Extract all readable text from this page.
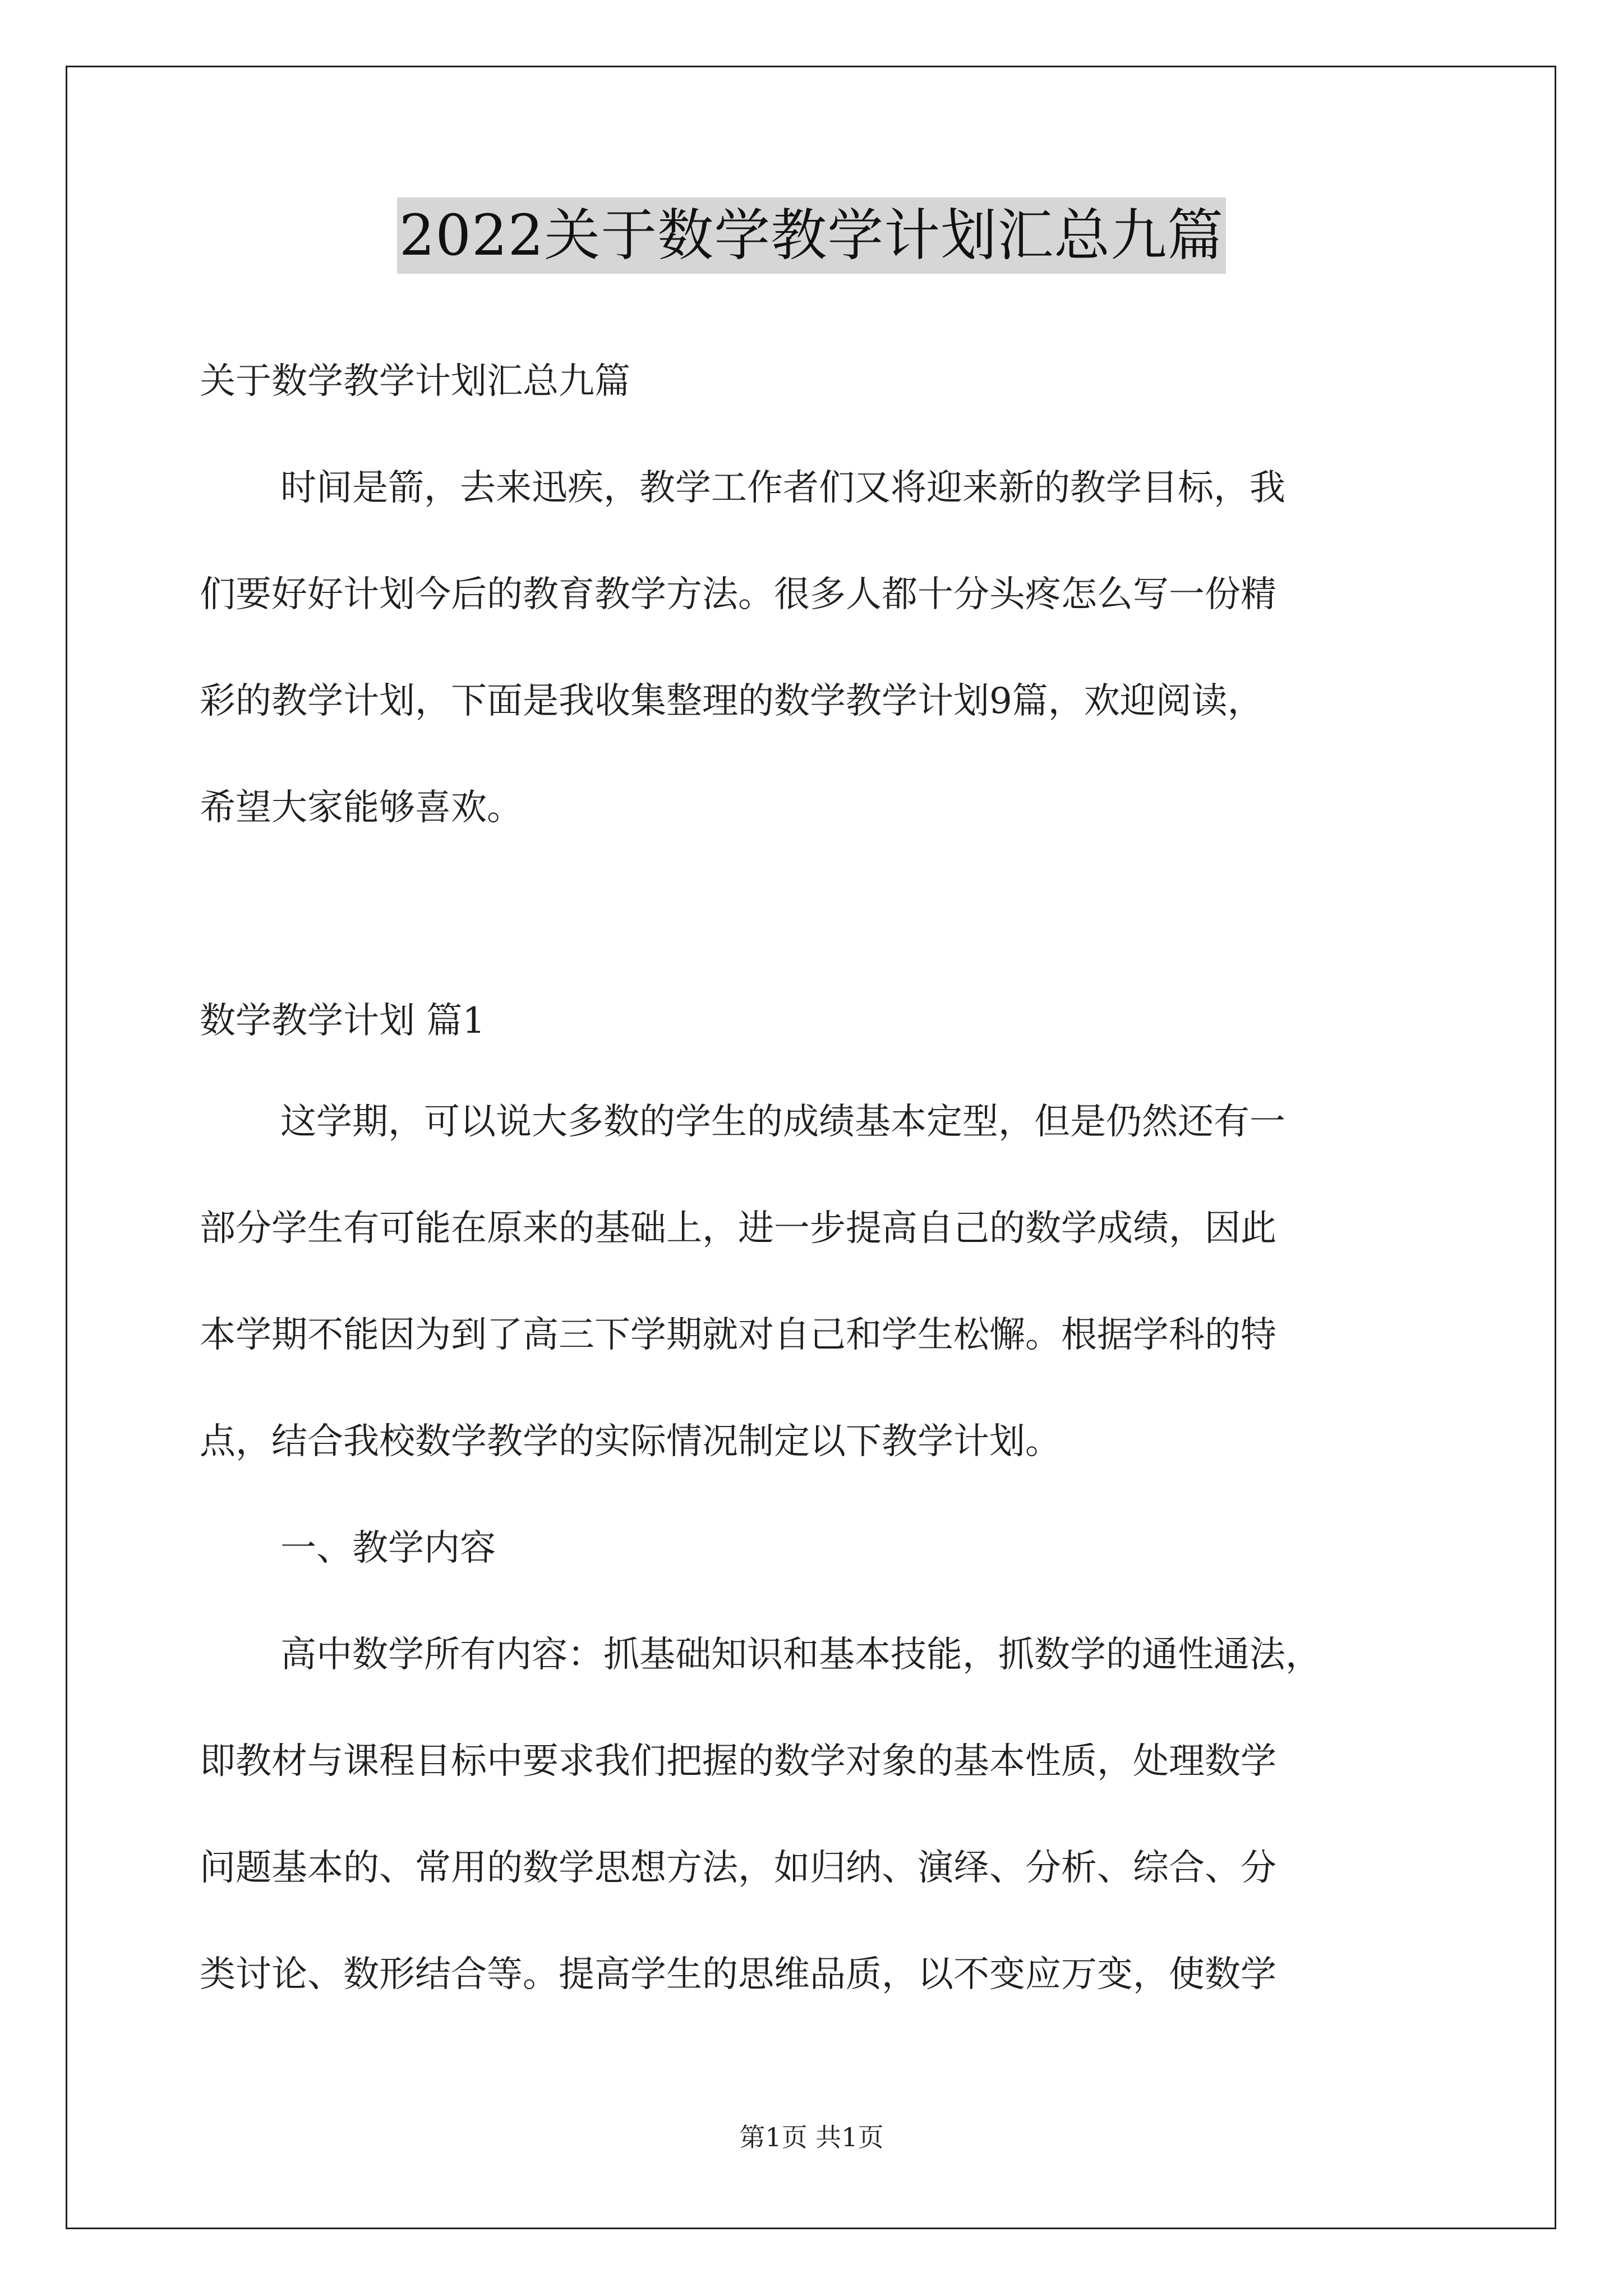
2022关于数学教学计划汇总九篇
关于数学教学计划汇总九篇
时间是箭，去来迅疾，教学工作者们又将迎来新的教学目标，我
们要好好计划今后的教育教学方法。很多人都十分头疼怎么写一份精
彩的教学计划，下面是我收集整理的数学教学计划9篇，欢迎阅读，
希望大家能够喜欢。
数学教学计划 篇1
这学期，可以说大多数的学生的成绩基本定型，但是仍然还有一
部分学生有可能在原来的基础上，进一步提高自己的数学成绩，因此
本学期不能因为到了高三下学期就对自己和学生松懈。根据学科的特
点，结合我校数学教学的实际情况制定以下教学计划。
一、教学内容
高中数学所有内容：抓基础知识和基本技能，抓数学的通性通法，
即教材与课程目标中要求我们把握的数学对象的基本性质，处理数学
问题基本的、常用的数学思想方法，如归纳、演绎、分析、综合、分
类讨论、数形结合等。提高学生的思维品质，以不变应万变，使数学
第1页 共1页
